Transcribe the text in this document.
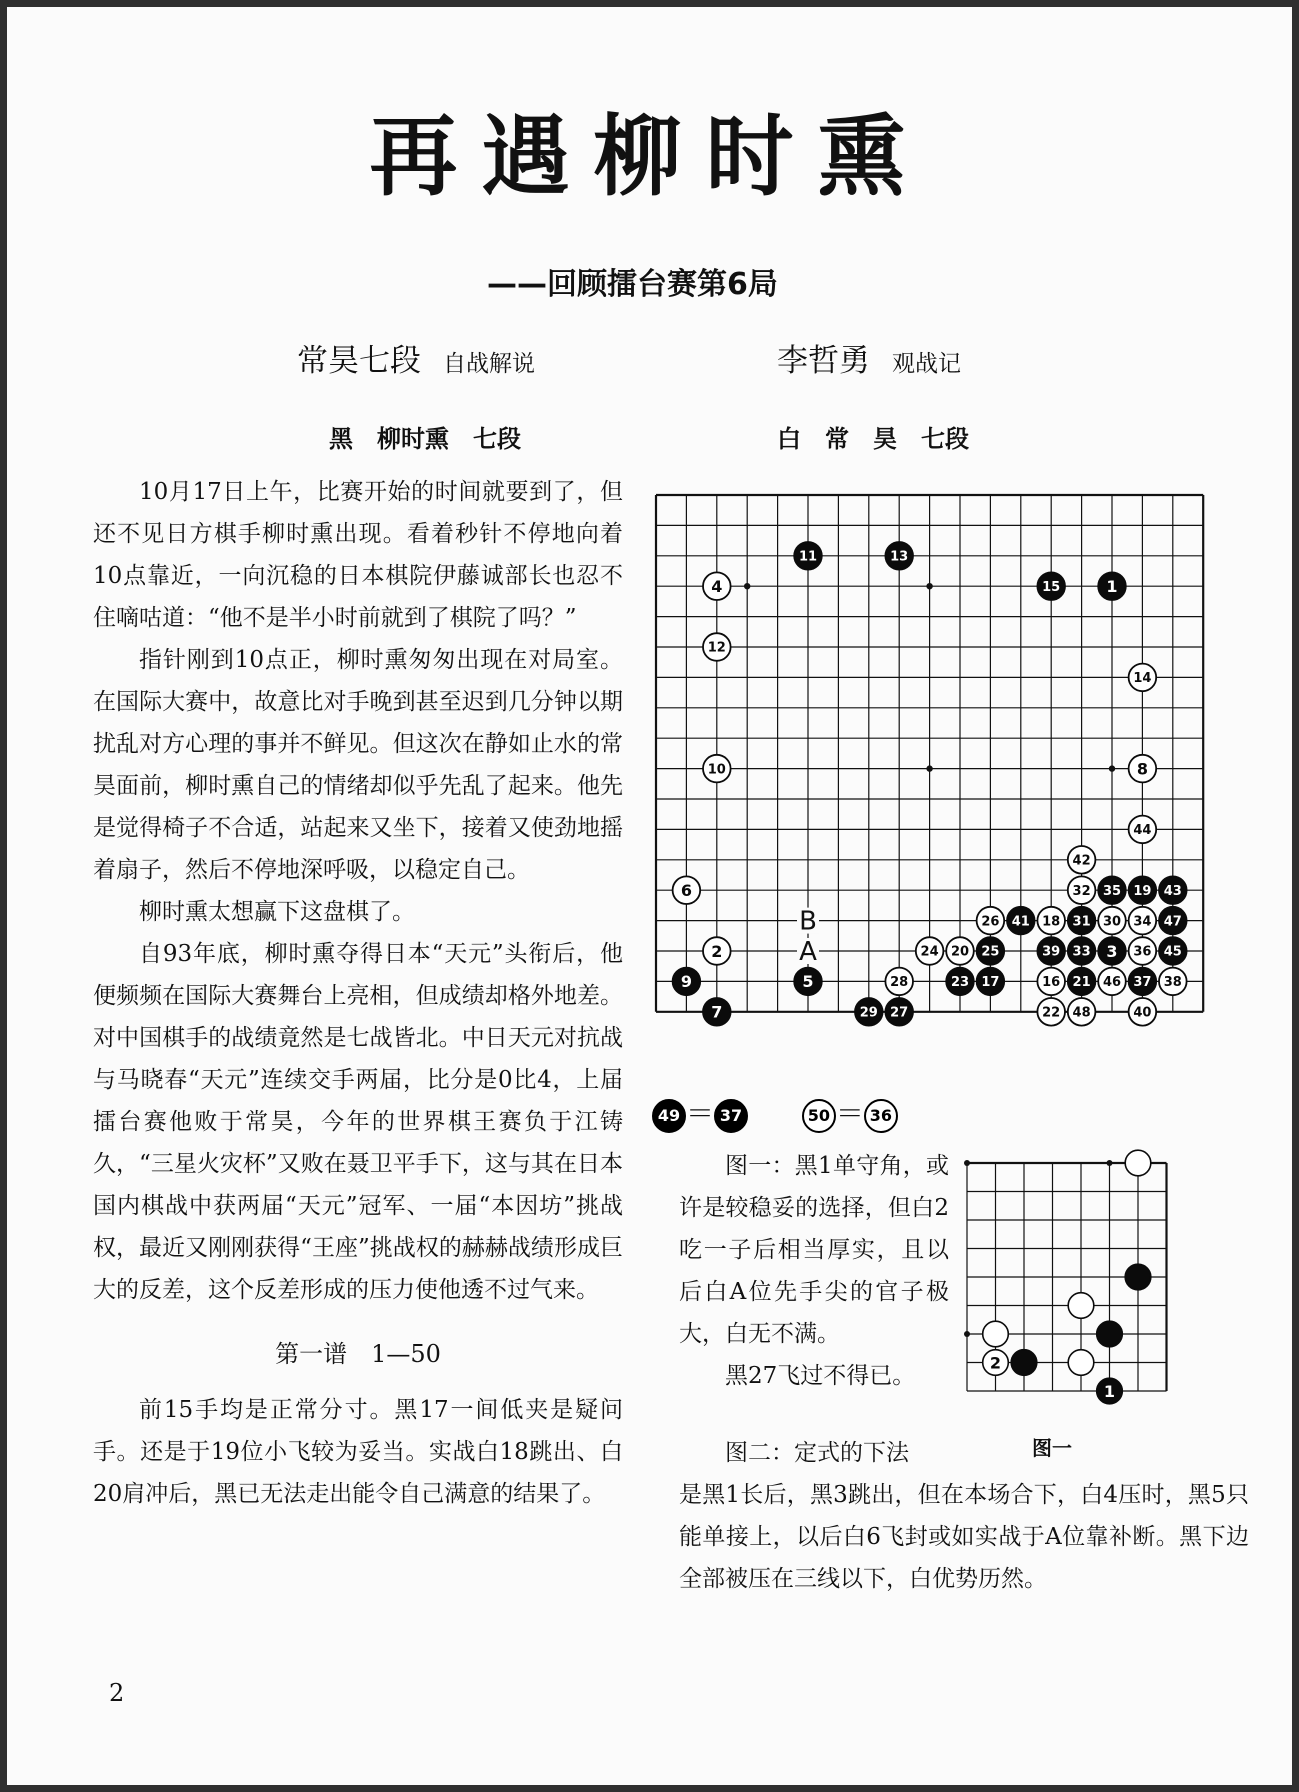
再遇柳时熏
——回顾擂台赛第6局
常昊七段 自战解说	李哲勇 观战记
黑　柳时熏　七段	白　常　昊　七段

10月17日上午，比赛开始的时间就要到了，但还不见日方棋手柳时熏出现。看着秒针不停地向着10点靠近，一向沉稳的日本棋院伊藤诚部长也忍不住嘀咕道：“他不是半小时前就到了棋院了吗？”

指针刚到10点正，柳时熏匆匆出现在对局室。在国际大赛中，故意比对手晚到甚至迟到几分钟以期扰乱对方心理的事并不鲜见。但这次在静如止水的常昊面前，柳时熏自己的情绪却似乎先乱了起来。他先是觉得椅子不合适，站起来又坐下，接着又使劲地摇着扇子，然后不停地深呼吸，以稳定自己。

柳时熏太想赢下这盘棋了。

自93年底，柳时熏夺得日本“天元”头衔后，他便频频在国际大赛舞台上亮相，但成绩却格外地差。对中国棋手的战绩竟然是七战皆北。中日天元对抗战与马晓春“天元”连续交手两届，比分是0比4，上届擂台赛他败于常昊，今年的世界棋王赛负于江铸久，“三星火灾杯”又败在聂卫平手下，这与其在日本国内棋战中获两届“天元”冠军、一届“本因坊”挑战权，最近又刚刚获得“王座”挑战权的赫赫战绩形成巨大的反差，这个反差形成的压力使他透不过气来。

第一谱　1—50

前15手均是正常分寸。黑17一间低夹是疑问手。还是于19位小飞较为妥当。实战白18跳出、白20肩冲后，黑已无法走出能令自己满意的结果了。

B
A
1
4
11	13
15
12
14
10	8
44
42
6	32 35 19 43
26 41 18 31 30 34 47
2	24 20 25	39 33 3 36 45
9	5	28	23 17	16 21 46 37 38
7	29 27	22 48	40
49 ＝ 37	50 ＝ 36

图一：黑1单守角，或许是较稳妥的选择，但白2吃一子后相当厚实，且以后白A位先手尖的官子极大，白无不满。

黑27飞过不得已。	2
1
图一

图二：定式的下法

是黑1长后，黑3跳出，但在本场合下，白4压时，黑5只能单接上，以后白6飞封或如实战于A位靠补断。黑下边全部被压在三线以下，白优势历然。

2
